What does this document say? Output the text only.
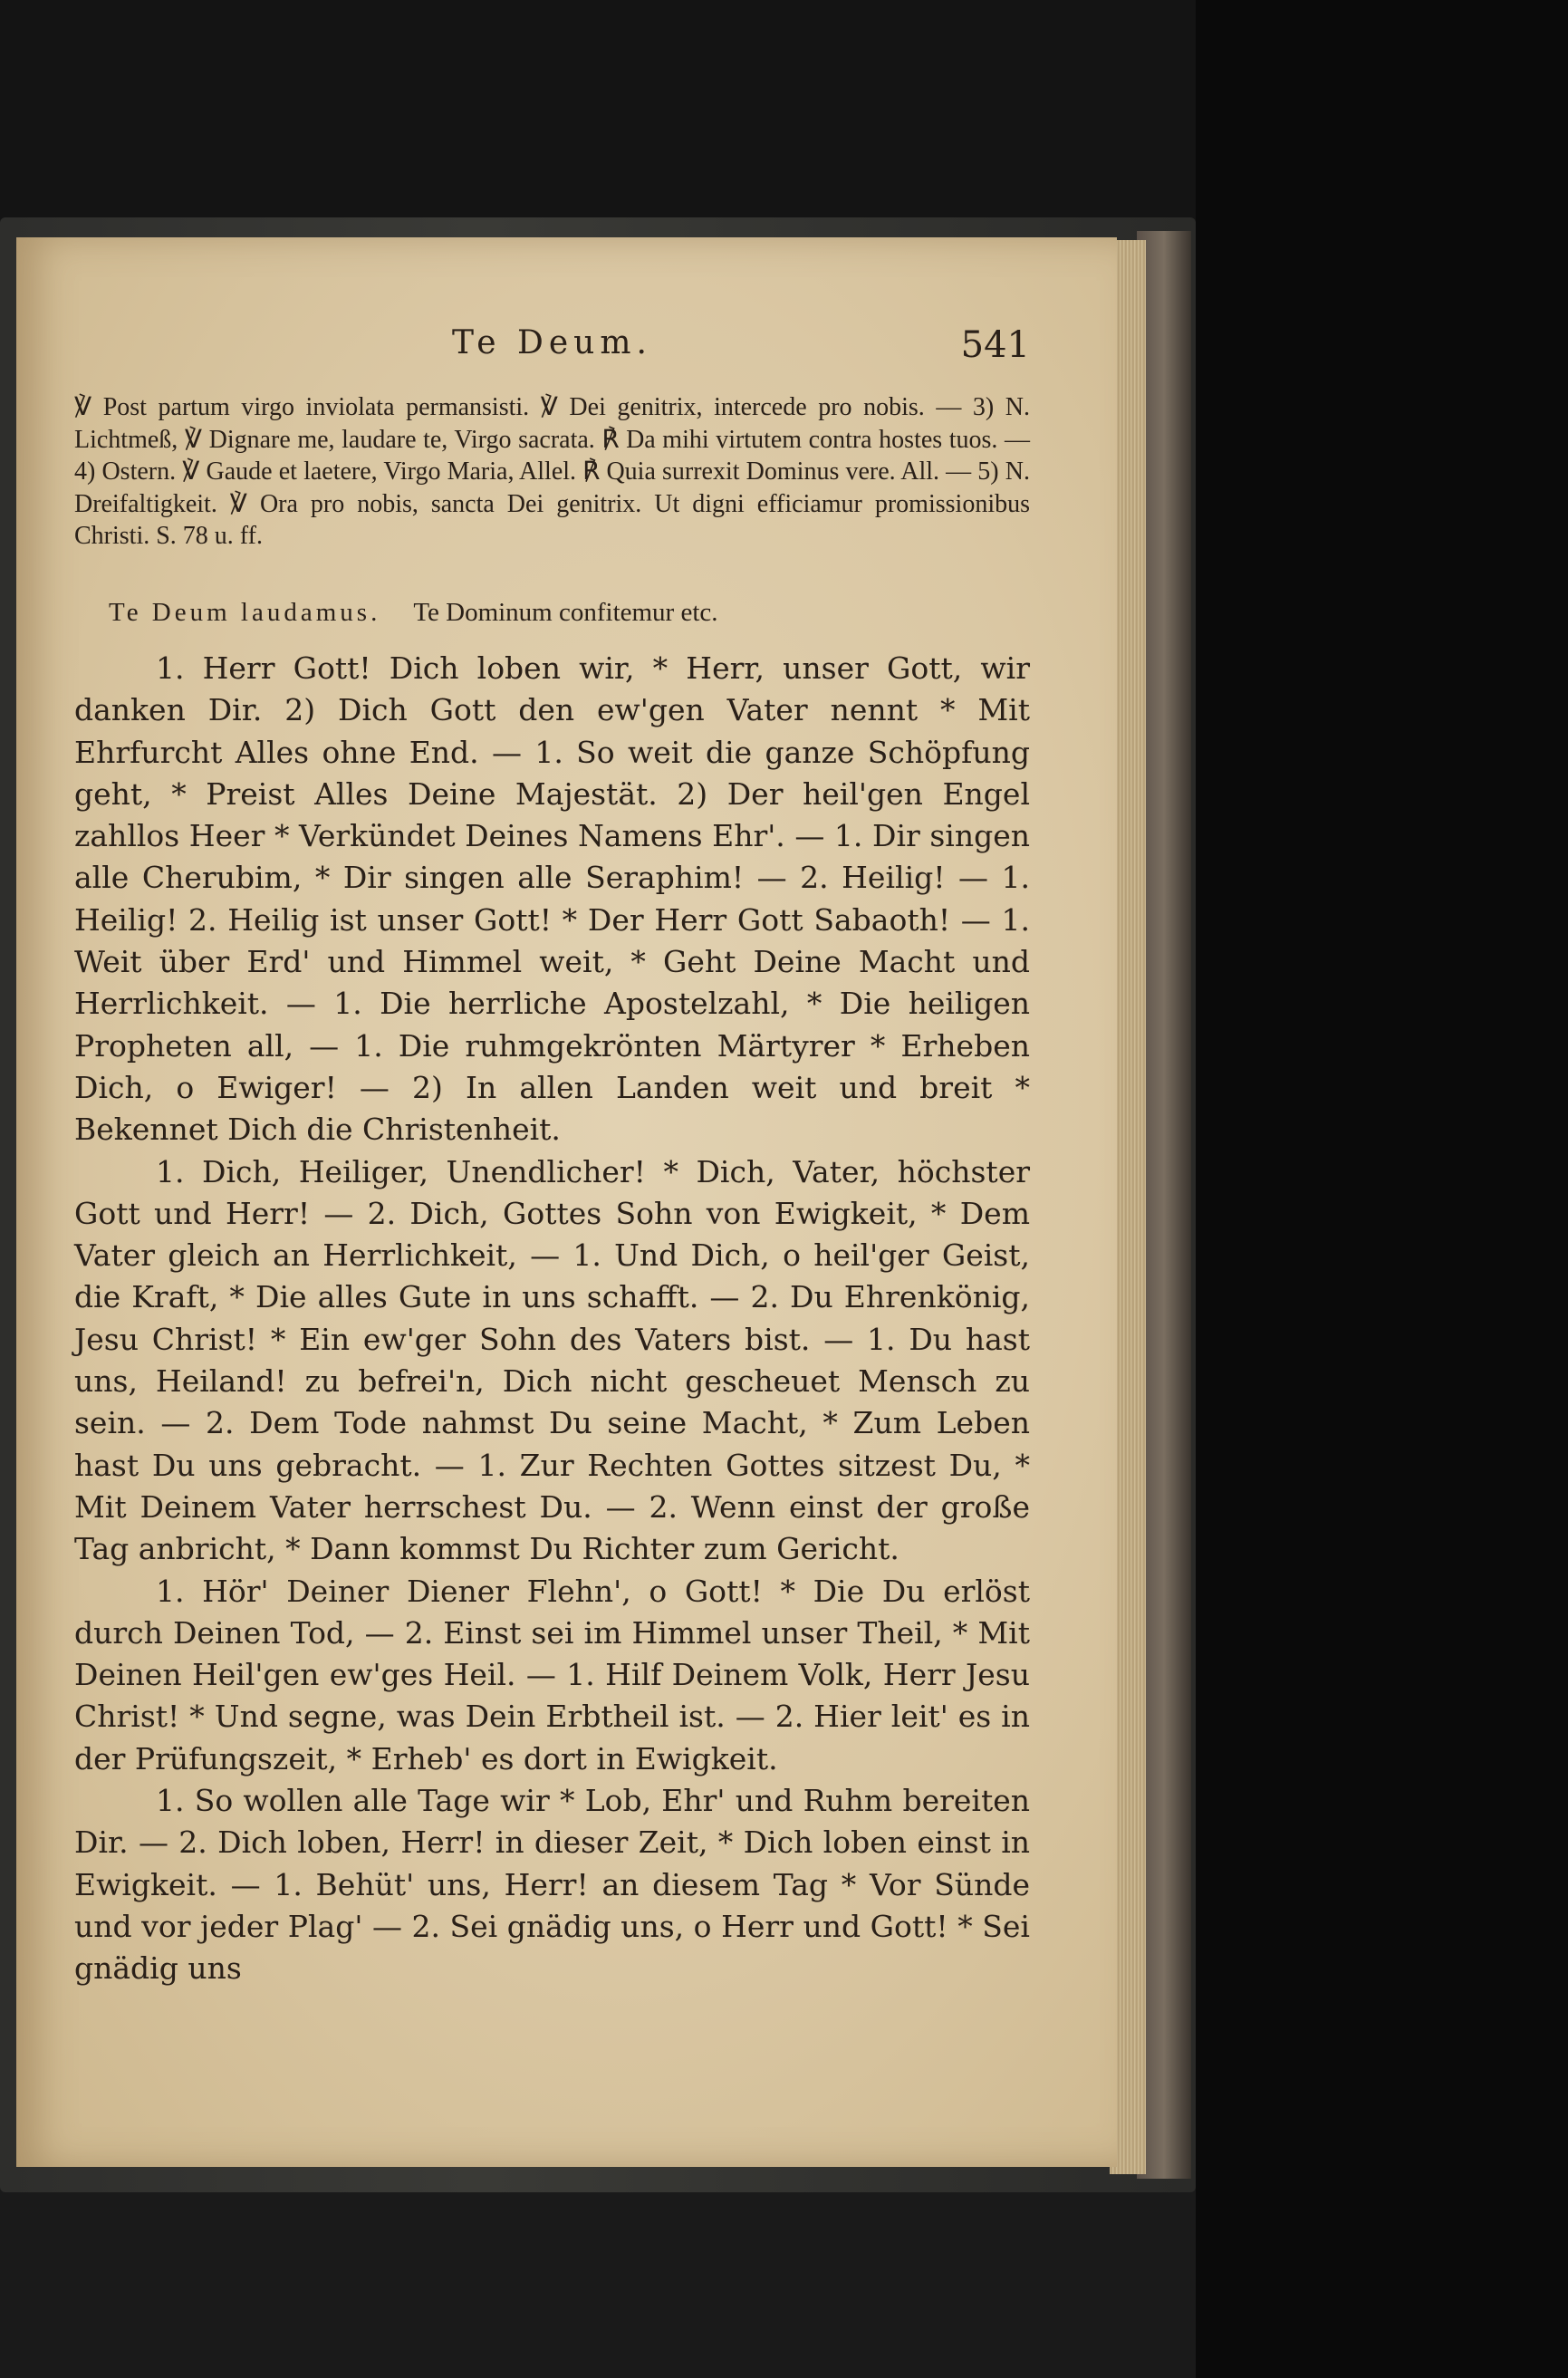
Te Deum.	541

℣ Post partum virgo inviolata permansisti. ℣ Dei genitrix, intercede pro nobis. — 3) N. Lichtmeß, ℣ Dignare me, laudare te, Virgo sacrata. ℟ Da mihi virtutem contra hostes tuos. — 4) Ostern. ℣ Gaude et laetere, Virgo Maria, Allel. ℟ Quia surrexit Dominus vere. All. — 5) N. Dreifaltigkeit. ℣ Ora pro nobis, sancta Dei genitrix. Ut digni efficiamur promissionibus Christi. S. 78 u. ff.

Te Deum laudamus. Te Dominum confitemur etc.

1. Herr Gott! Dich loben wir, * Herr, unser Gott, wir danken Dir. 2) Dich Gott den ew'gen Vater nennt * Mit Ehrfurcht Alles ohne End. — 1. So weit die ganze Schöpfung geht, * Preist Alles Deine Majestät. 2) Der heil'gen Engel zahllos Heer * Verkündet Deines Namens Ehr'. — 1. Dir singen alle Cherubim, * Dir singen alle Seraphim! — 2. Heilig! — 1. Heilig! 2. Heilig ist unser Gott! * Der Herr Gott Sabaoth! — 1. Weit über Erd' und Himmel weit, * Geht Deine Macht und Herrlichkeit. — 1. Die herrliche Apostelzahl, * Die heiligen Propheten all, — 1. Die ruhmgekrönten Märtyrer * Erheben Dich, o Ewiger! — 2) In allen Landen weit und breit * Bekennet Dich die Christenheit.

1. Dich, Heiliger, Unendlicher! * Dich, Vater, höchster Gott und Herr! — 2. Dich, Gottes Sohn von Ewigkeit, * Dem Vater gleich an Herrlichkeit, — 1. Und Dich, o heil'ger Geist, die Kraft, * Die alles Gute in uns schafft. — 2. Du Ehrenkönig, Jesu Christ! * Ein ew'ger Sohn des Vaters bist. — 1. Du hast uns, Heiland! zu befrei'n, Dich nicht gescheuet Mensch zu sein. — 2. Dem Tode nahmst Du seine Macht, * Zum Leben hast Du uns gebracht. — 1. Zur Rechten Gottes sitzest Du, * Mit Deinem Vater herrschest Du. — 2. Wenn einst der große Tag anbricht, * Dann kommst Du Richter zum Gericht.

1. Hör' Deiner Diener Flehn', o Gott! * Die Du erlöst durch Deinen Tod, — 2. Einst sei im Himmel unser Theil, * Mit Deinen Heil'gen ew'ges Heil. — 1. Hilf Deinem Volk, Herr Jesu Christ! * Und segne, was Dein Erbtheil ist. — 2. Hier leit' es in der Prüfungszeit, * Erheb' es dort in Ewigkeit.

1. So wollen alle Tage wir * Lob, Ehr' und Ruhm bereiten Dir. — 2. Dich loben, Herr! in dieser Zeit, * Dich loben einst in Ewigkeit. — 1. Behüt' uns, Herr! an diesem Tag * Vor Sünde und vor jeder Plag' — 2. Sei gnädig uns, o Herr und Gott! * Sei gnädig uns
